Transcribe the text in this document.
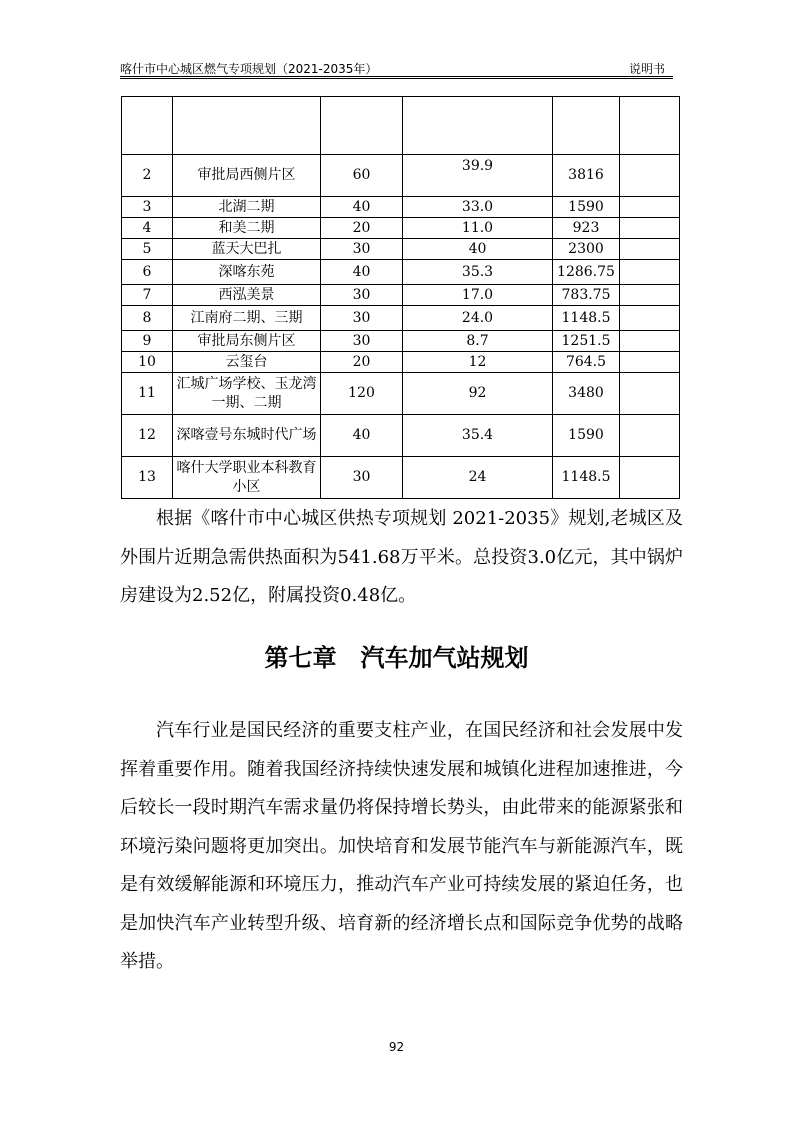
喀什市中心城区燃气专项规划（2021-2035年）	说明书

2	审批局西侧片区	60	39.9	3816	
3	北湖二期	40	33.0	1590	
4	和美二期	20	11.0	923	
5	蓝天大巴扎	30	40	2300	
6	深喀东苑	40	35.3	1286.75	
7	西泓美景	30	17.0	783.75	
8	江南府二期、三期	30	24.0	1148.5	
9	审批局东侧片区	30	8.7	1251.5	
10	云玺台	20	12	764.5	
11	汇城广场学校、玉龙湾一期、二期	120	92	3480	
12	深喀壹号东城时代广场	40	35.4	1590	
13	喀什大学职业本科教育小区	30	24	1148.5	
根据《喀什市中心城区供热专项规划 2021-2035》规划,老城区及外围片近期急需供热面积为541.68万平米。总投资3.0亿元，其中锅炉房建设为2.52亿，附属投资0.48亿。
第七章　汽车加气站规划
汽车行业是国民经济的重要支柱产业，在国民经济和社会发展中发挥着重要作用。随着我国经济持续快速发展和城镇化进程加速推进，今后较长一段时期汽车需求量仍将保持增长势头，由此带来的能源紧张和环境污染问题将更加突出。加快培育和发展节能汽车与新能源汽车，既是有效缓解能源和环境压力，推动汽车产业可持续发展的紧迫任务，也是加快汽车产业转型升级、培育新的经济增长点和国际竞争优势的战略举措。
92
